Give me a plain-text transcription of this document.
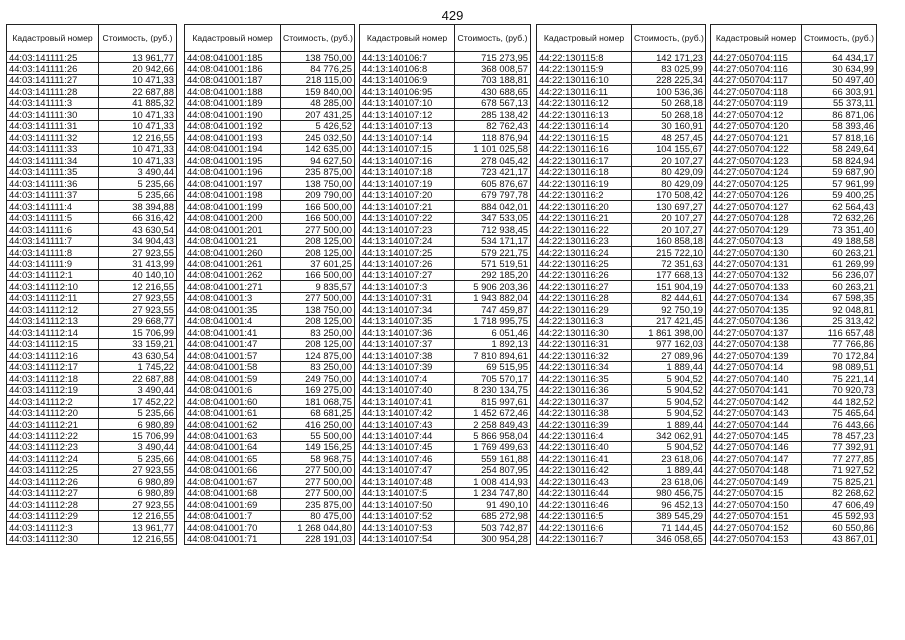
429
Кадастровый номер	Стоимость, (руб.)
44:03:141111:25	13 961,77
44:03:141111:26	20 942,66
44:03:141111:27	10 471,33
44:03:141111:28	22 687,88
44:03:141111:3	41 885,32
44:03:141111:30	10 471,33
44:03:141111:31	10 471,33
44:03:141111:32	12 216,55
44:03:141111:33	10 471,33
44:03:141111:34	10 471,33
44:03:141111:35	3 490,44
44:03:141111:36	5 235,66
44:03:141111:37	5 235,66
44:03:141111:4	38 394,88
44:03:141111:5	66 316,42
44:03:141111:6	43 630,54
44:03:141111:7	34 904,43
44:03:141111:8	27 923,55
44:03:141111:9	31 413,99
44:03:141112:1	40 140,10
44:03:141112:10	12 216,55
44:03:141112:11	27 923,55
44:03:141112:12	27 923,55
44:03:141112:13	29 668,77
44:03:141112:14	15 706,99
44:03:141112:15	33 159,21
44:03:141112:16	43 630,54
44:03:141112:17	1 745,22
44:03:141112:18	22 687,88
44:03:141112:19	3 490,44
44:03:141112:2	17 452,22
44:03:141112:20	5 235,66
44:03:141112:21	6 980,89
44:03:141112:22	15 706,99
44:03:141112:23	3 490,44
44:03:141112:24	5 235,66
44:03:141112:25	27 923,55
44:03:141112:26	6 980,89
44:03:141112:27	6 980,89
44:03:141112:28	27 923,55
44:03:141112:29	12 216,55
44:03:141112:3	13 961,77
44:03:141112:30	12 216,55
Кадастровый номер	Стоимость, (руб.)
44:08:041001:185	138 750,00
44:08:041001:186	84 776,25
44:08:041001:187	218 115,00
44:08:041001:188	159 840,00
44:08:041001:189	48 285,00
44:08:041001:190	207 431,25
44:08:041001:192	5 426,52
44:08:041001:193	245 032,50
44:08:041001:194	142 635,00
44:08:041001:195	94 627,50
44:08:041001:196	235 875,00
44:08:041001:197	138 750,00
44:08:041001:198	209 790,00
44:08:041001:199	166 500,00
44:08:041001:200	166 500,00
44:08:041001:201	277 500,00
44:08:041001:21	208 125,00
44:08:041001:260	208 125,00
44:08:041001:261	37 601,25
44:08:041001:262	166 500,00
44:08:041001:271	9 835,57
44:08:041001:3	277 500,00
44:08:041001:35	138 750,00
44:08:041001:4	208 125,00
44:08:041001:41	83 250,00
44:08:041001:47	208 125,00
44:08:041001:57	124 875,00
44:08:041001:58	83 250,00
44:08:041001:59	249 750,00
44:08:041001:6	169 275,00
44:08:041001:60	181 068,75
44:08:041001:61	68 681,25
44:08:041001:62	416 250,00
44:08:041001:63	55 500,00
44:08:041001:64	149 156,25
44:08:041001:65	58 968,75
44:08:041001:66	277 500,00
44:08:041001:67	277 500,00
44:08:041001:68	277 500,00
44:08:041001:69	235 875,00
44:08:041001:7	80 475,00
44:08:041001:70	1 268 044,80
44:08:041001:71	228 191,03
Кадастровый номер	Стоимость, (руб.)
44:13:140106:7	715 273,95
44:13:140106:8	368 008,57
44:13:140106:9	703 188,81
44:13:140106:95	430 688,65
44:13:140107:10	678 567,13
44:13:140107:12	285 138,42
44:13:140107:13	82 762,43
44:13:140107:14	118 876,94
44:13:140107:15	1 101 025,58
44:13:140107:16	278 045,42
44:13:140107:18	723 421,17
44:13:140107:19	605 876,67
44:13:140107:20	679 797,78
44:13:140107:21	884 042,01
44:13:140107:22	347 533,05
44:13:140107:23	712 938,45
44:13:140107:24	534 171,17
44:13:140107:25	579 221,75
44:13:140107:26	571 519,51
44:13:140107:27	292 185,20
44:13:140107:3	5 906 203,36
44:13:140107:31	1 943 882,04
44:13:140107:34	747 459,87
44:13:140107:35	1 718 995,75
44:13:140107:36	6 051,46
44:13:140107:37	1 892,13
44:13:140107:38	7 810 894,61
44:13:140107:39	69 515,95
44:13:140107:4	705 570,17
44:13:140107:40	8 230 134,75
44:13:140107:41	815 997,61
44:13:140107:42	1 452 672,46
44:13:140107:43	2 258 849,43
44:13:140107:44	5 866 958,04
44:13:140107:45	1 769 499,63
44:13:140107:46	559 161,88
44:13:140107:47	254 807,95
44:13:140107:48	1 008 414,93
44:13:140107:5	1 234 747,80
44:13:140107:50	91 490,10
44:13:140107:52	685 272,98
44:13:140107:53	503 742,87
44:13:140107:54	300 954,28
Кадастровый номер	Стоимость, (руб.)
44:22:130115:8	142 171,23
44:22:130115:9	83 025,99
44:22:130116:10	228 225,34
44:22:130116:11	100 536,36
44:22:130116:12	50 268,18
44:22:130116:13	50 268,18
44:22:130116:14	30 160,91
44:22:130116:15	48 257,45
44:22:130116:16	104 155,67
44:22:130116:17	20 107,27
44:22:130116:18	80 429,09
44:22:130116:19	80 429,09
44:22:130116:2	170 508,42
44:22:130116:20	130 697,27
44:22:130116:21	20 107,27
44:22:130116:22	20 107,27
44:22:130116:23	160 858,18
44:22:130116:24	215 722,10
44:22:130116:25	72 351,63
44:22:130116:26	177 668,13
44:22:130116:27	151 904,19
44:22:130116:28	82 444,61
44:22:130116:29	92 750,19
44:22:130116:3	217 421,45
44:22:130116:30	1 861 398,00
44:22:130116:31	977 162,03
44:22:130116:32	27 089,96
44:22:130116:34	1 889,44
44:22:130116:35	5 904,52
44:22:130116:36	5 904,52
44:22:130116:37	5 904,52
44:22:130116:38	5 904,52
44:22:130116:39	1 889,44
44:22:130116:4	342 062,91
44:22:130116:40	5 904,52
44:22:130116:41	23 618,06
44:22:130116:42	1 889,44
44:22:130116:43	23 618,06
44:22:130116:44	980 456,75
44:22:130116:46	96 452,13
44:22:130116:5	389 545,29
44:22:130116:6	71 144,45
44:22:130116:7	346 058,65
Кадастровый номер	Стоимость, (руб.)
44:27:050704:115	64 434,17
44:27:050704:116	30 634,99
44:27:050704:117	50 497,40
44:27:050704:118	66 303,91
44:27:050704:119	55 373,11
44:27:050704:12	86 871,06
44:27:050704:120	58 393,46
44:27:050704:121	57 818,16
44:27:050704:122	58 249,64
44:27:050704:123	58 824,94
44:27:050704:124	59 687,90
44:27:050704:125	57 961,99
44:27:050704:126	59 400,25
44:27:050704:127	62 564,43
44:27:050704:128	72 632,26
44:27:050704:129	73 351,40
44:27:050704:13	49 188,58
44:27:050704:130	60 263,21
44:27:050704:131	61 269,99
44:27:050704:132	56 236,07
44:27:050704:133	60 263,21
44:27:050704:134	67 598,35
44:27:050704:135	92 048,81
44:27:050704:136	25 313,42
44:27:050704:137	116 657,48
44:27:050704:138	77 766,86
44:27:050704:139	70 172,84
44:27:050704:14	98 089,51
44:27:050704:140	75 221,14
44:27:050704:141	70 920,73
44:27:050704:142	44 182,52
44:27:050704:143	75 465,64
44:27:050704:144	76 443,66
44:27:050704:145	78 457,23
44:27:050704:146	77 392,91
44:27:050704:147	77 277,85
44:27:050704:148	71 927,52
44:27:050704:149	75 825,21
44:27:050704:15	82 268,62
44:27:050704:150	47 606,49
44:27:050704:151	45 592,93
44:27:050704:152	60 550,86
44:27:050704:153	43 867,01
